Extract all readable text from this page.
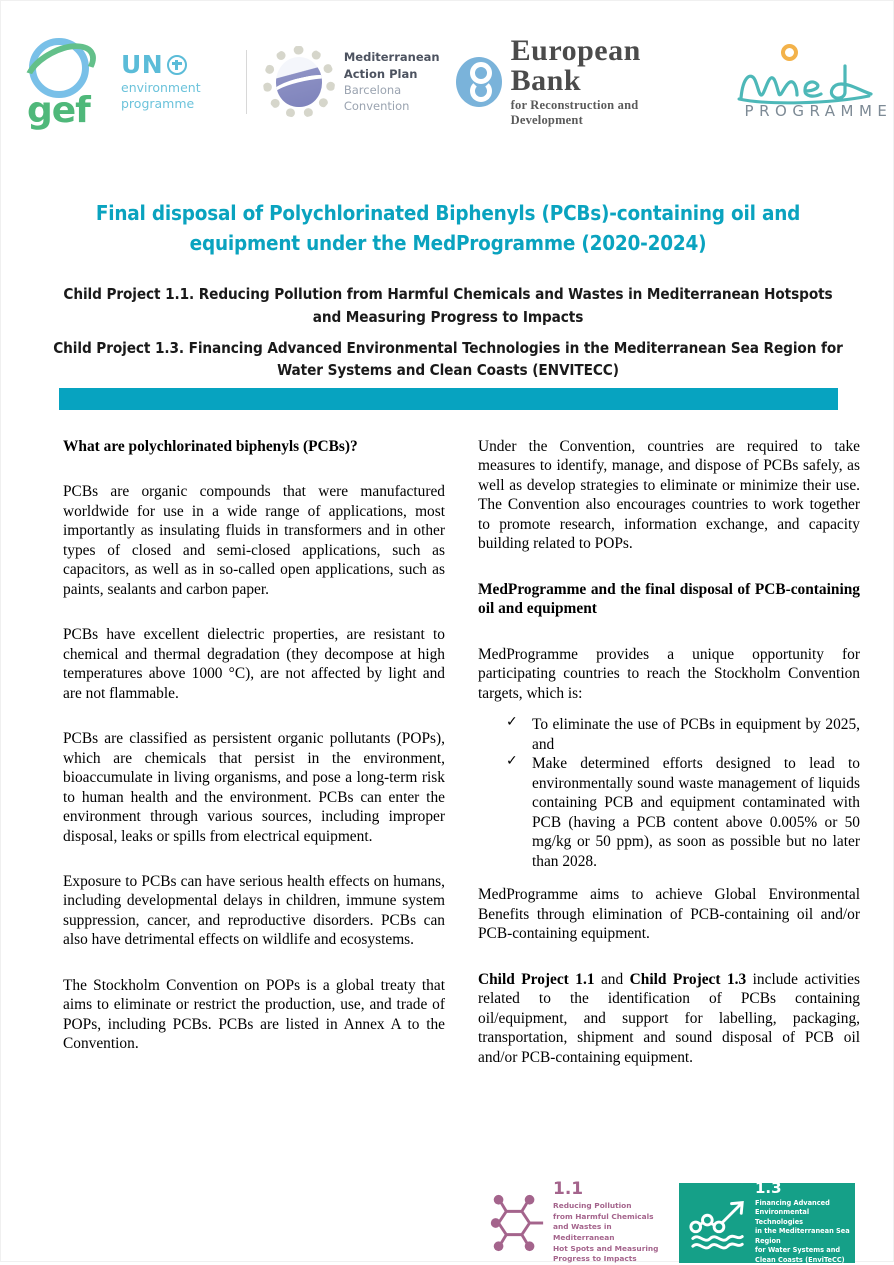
gef
UN
environment
programme
Mediterranean
Action Plan
Barcelona
Convention
European Bank
for Reconstruction and Development	PROGRAMME
Final disposal of Polychlorinated Biphenyls (PCBs)-containing oil and equipment under the MedProgramme (2020-2024)
Child Project 1.1. Reducing Pollution from Harmful Chemicals and Wastes in Mediterranean Hotspots and Measuring Progress to Impacts
Child Project 1.3. Financing Advanced Environmental Technologies in the Mediterranean Sea Region for Water Systems and Clean Coasts (ENVITECC)
What are polychlorinated biphenyls (PCBs)?

PCBs are organic compounds that were manufactured worldwide for use in a wide range of applications, most importantly as insulating fluids in transformers and in other types of closed and semi-closed applications, such as capacitors, as well as in so-called open applications, such as paints, sealants and carbon paper.

PCBs have excellent dielectric properties, are resistant to chemical and thermal degradation (they decompose at high temperatures above 1000 °C), are not affected by light and are not flammable.

PCBs are classified as persistent organic pollutants (POPs), which are chemicals that persist in the environment, bioaccumulate in living organisms, and pose a long-term risk to human health and the environment. PCBs can enter the environment through various sources, including improper disposal, leaks or spills from electrical equipment.

Exposure to PCBs can have serious health effects on humans, including developmental delays in children, immune system suppression, cancer, and reproductive disorders. PCBs can also have detrimental effects on wildlife and ecosystems.

The Stockholm Convention on POPs is a global treaty that aims to eliminate or restrict the production, use, and trade of POPs, including PCBs. PCBs are listed in Annex A to the Convention.

Under the Convention, countries are required to take measures to identify, manage, and dispose of PCBs safely, as well as develop strategies to eliminate or minimize their use. The Convention also encourages countries to work together to promote research, information exchange, and capacity building related to POPs.

MedProgramme and the final disposal of PCB-containing oil and equipment

MedProgramme provides a unique opportunity for participating countries to reach the Stockholm Convention targets, which is:

✓ To eliminate the use of PCBs in equipment by 2025, and
✓ Make determined efforts designed to lead to environmentally sound waste management of liquids containing PCB and equipment contaminated with PCB (having a PCB content above 0.005% or 50 mg/kg or 50 ppm), as soon as possible but no later than 2028.

MedProgramme aims to achieve Global Environmental Benefits through elimination of PCB-containing oil and/or PCB-containing equipment.

Child Project 1.1 and Child Project 1.3 include activities related to the identification of PCBs containing oil/equipment, and support for labelling, packaging, transportation, shipment and sound disposal of PCB oil and/or PCB-containing equipment.

1.1
Reducing Pollution
from Harmful Chemicals
and Wastes in Mediterranean
Hot Spots and Measuring
Progress to Impacts
1.3
Financing Advanced
Environmental Technologies
in the Mediterranean Sea Region
for Water Systems and
Clean Coasts (EnviTeCC)
